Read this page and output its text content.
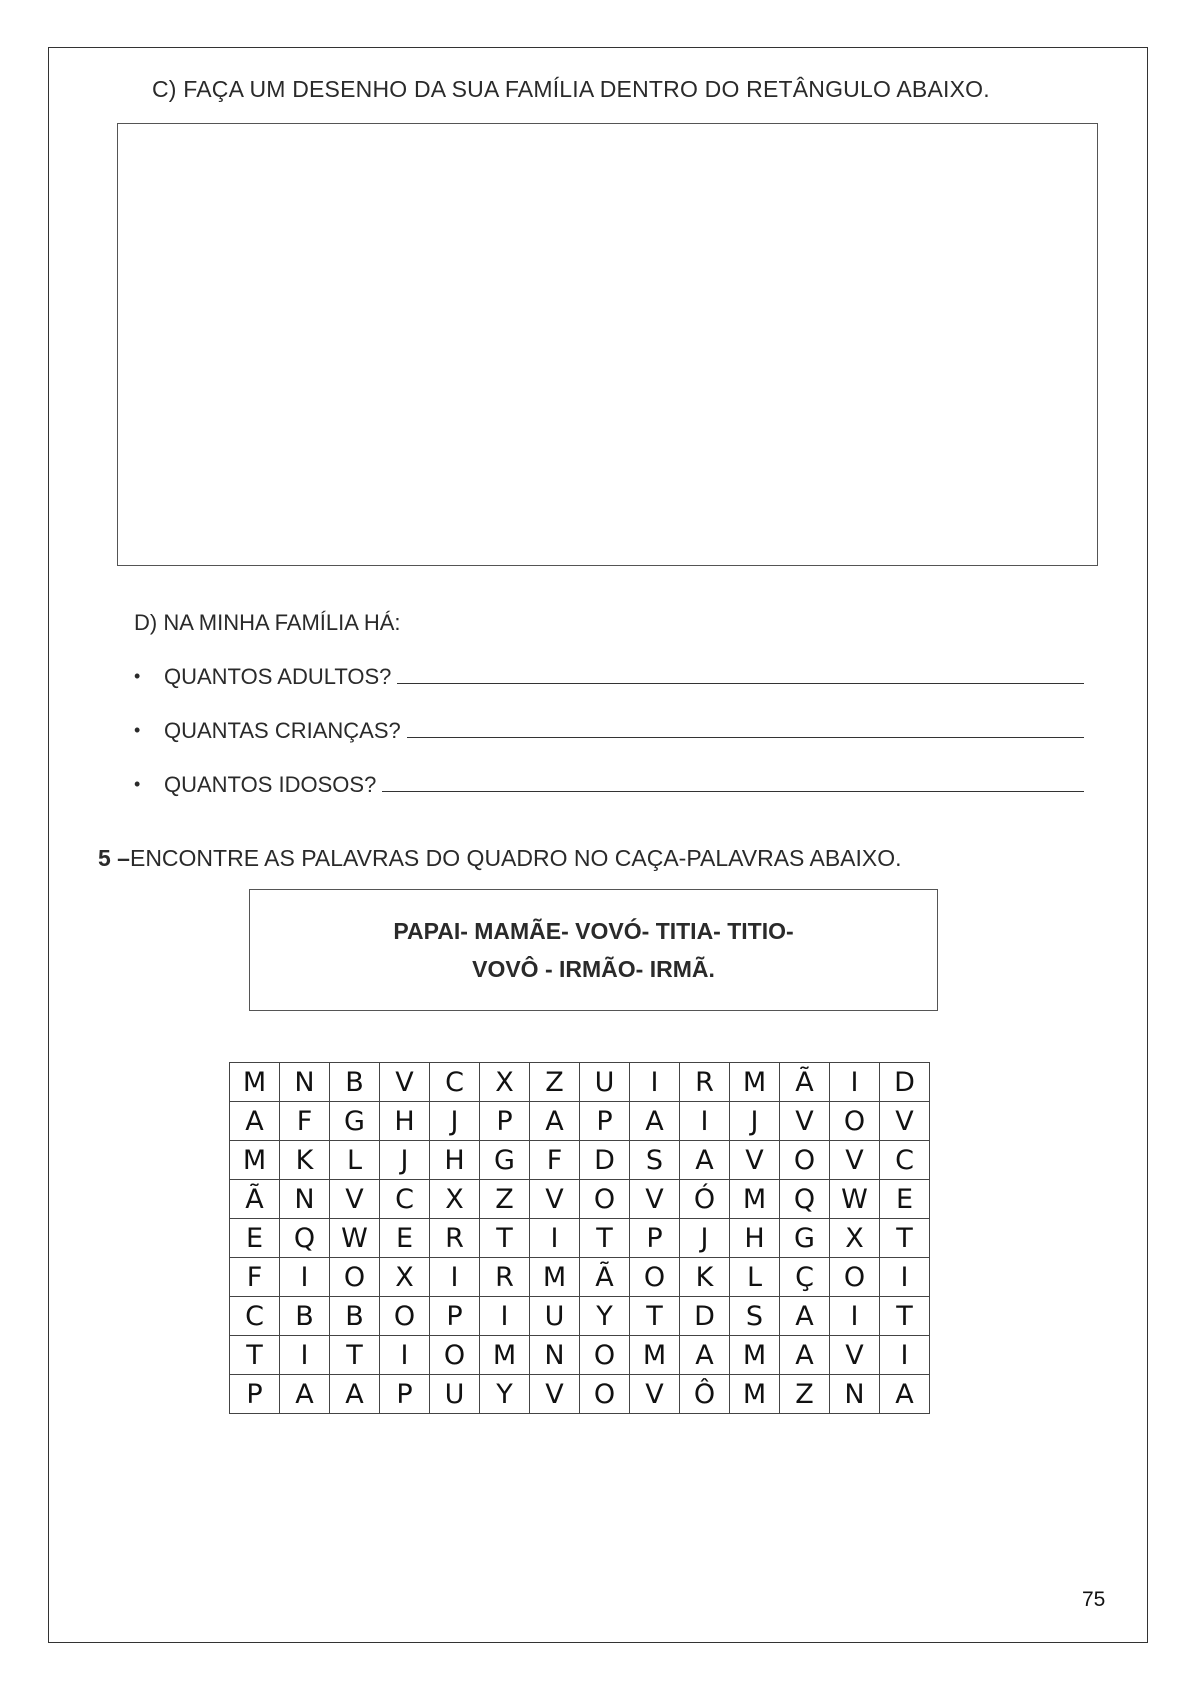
C) FAÇA UM DESENHO DA SUA FAMÍLIA DENTRO DO RETÂNGULO ABAIXO.
D) NA MINHA FAMÍLIA HÁ:
•	QUANTOS ADULTOS?
•	QUANTAS CRIANÇAS?
•	QUANTOS IDOSOS?
5 –ENCONTRE AS PALAVRAS DO QUADRO NO CAÇA-PALAVRAS ABAIXO.
PAPAI- MAMÃE- VOVÓ- TITIA- TITIO-
VOVÔ - IRMÃO- IRMÃ.
M	N	B	V	C	X	Z	U	I	R	M	Ã	I	D
A	F	G	H	J	P	A	P	A	I	J	V	O	V
M	K	L	J	H	G	F	D	S	A	V	O	V	C
Ã	N	V	C	X	Z	V	O	V	Ó	M	Q	W	E
E	Q	W	E	R	T	I	T	P	J	H	G	X	T
F	I	O	X	I	R	M	Ã	O	K	L	Ç	O	I
C	B	B	O	P	I	U	Y	T	D	S	A	I	T
T	I	T	I	O	M	N	O	M	A	M	A	V	I
P	A	A	P	U	Y	V	O	V	Ô	M	Z	N	A
75
